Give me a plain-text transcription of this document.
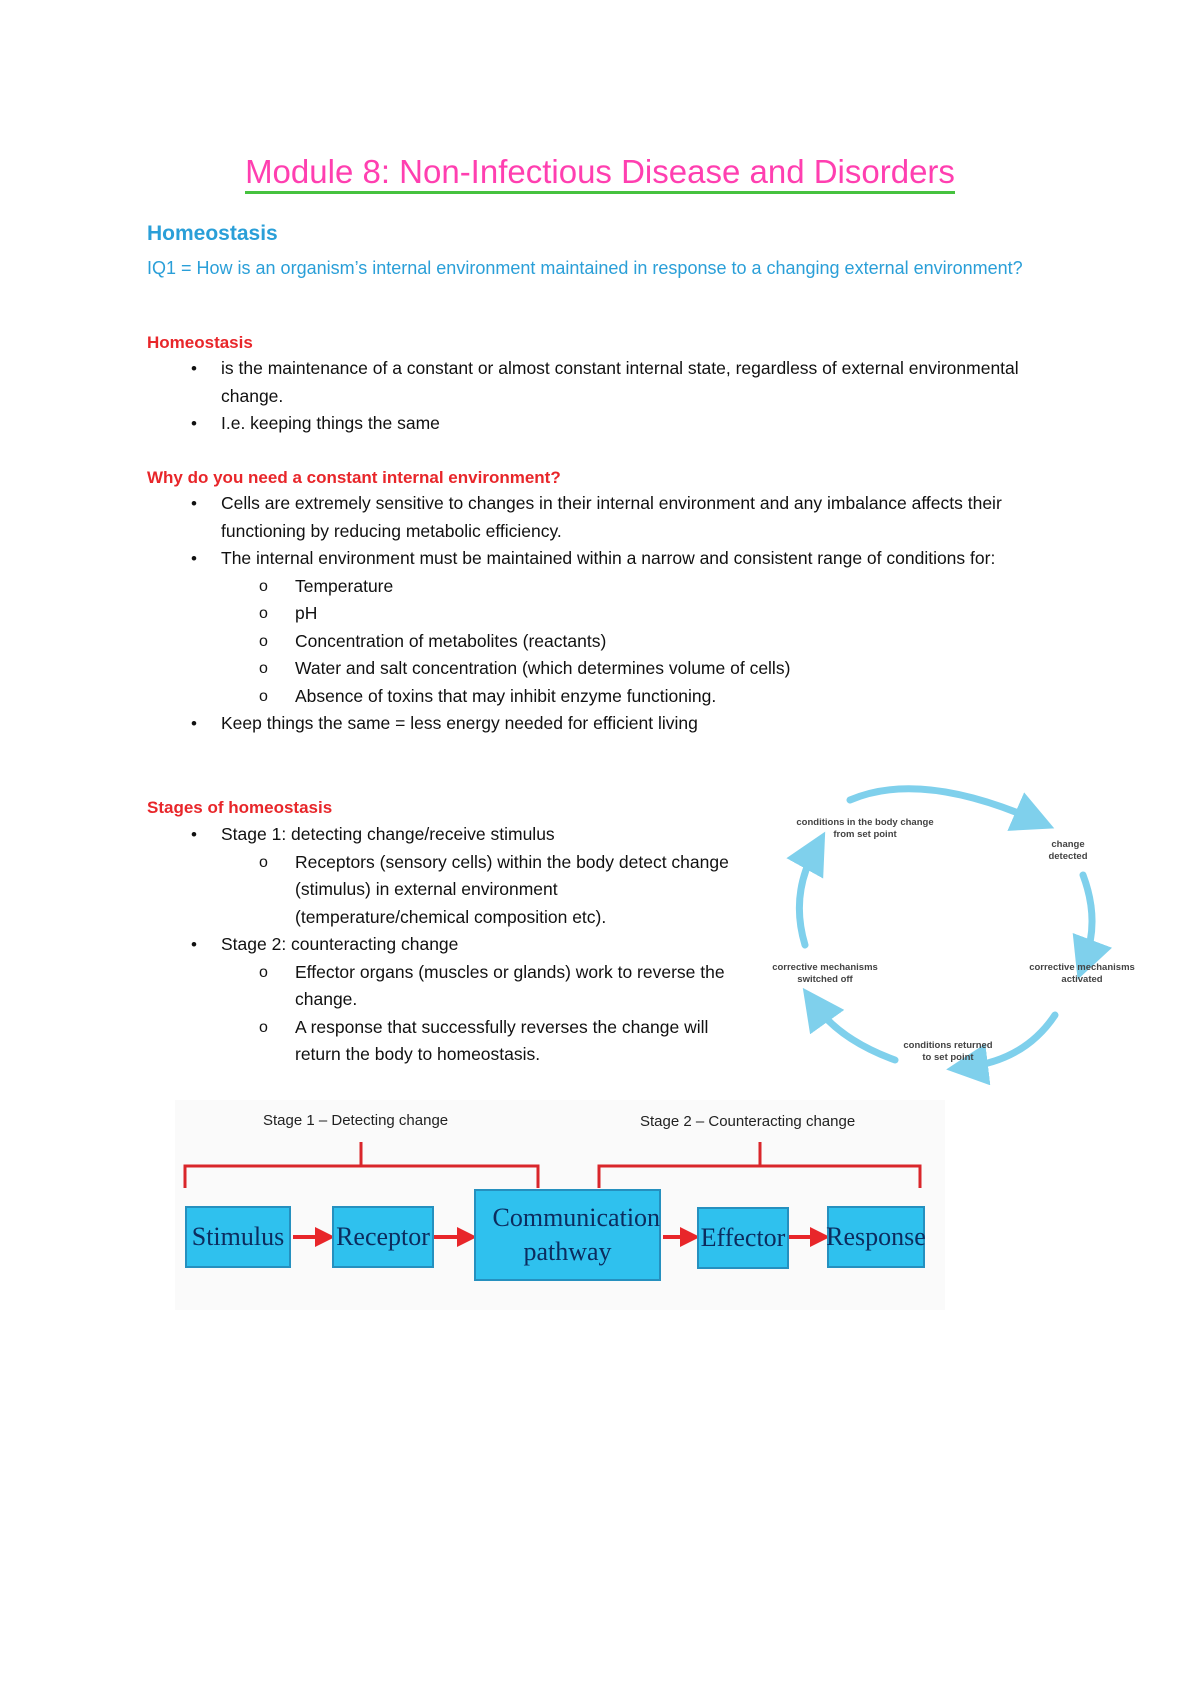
Module 8: Non-Infectious Disease and Disorders
Homeostasis
IQ1 = How is an organism’s internal environment maintained in response to a changing external environment?
Homeostasis
• is the maintenance of a constant or almost constant internal state, regardless of external environmental change.
• I.e. keeping things the same
Why do you need a constant internal environment?
• Cells are extremely sensitive to changes in their internal environment and any imbalance affects their functioning by reducing metabolic efficiency.
• The internal environment must be maintained within a narrow and consistent range of conditions for:
o Temperature
o pH
o Concentration of metabolites (reactants)
o Water and salt concentration (which determines volume of cells)
o Absence of toxins that may inhibit enzyme functioning.
• Keep things the same = less energy needed for efficient living
Stages of homeostasis
• Stage 1: detecting change/receive stimulus
o Receptors (sensory cells) within the body detect change (stimulus) in external environment (temperature/chemical composition etc).
• Stage 2: counteracting change
o Effector organs (muscles or glands) work to reverse the change.
o A response that successfully reverses the change will return the body to homeostasis.
conditions in the body change from set point
change detected
corrective mechanisms activated
conditions returned to set point
corrective mechanisms switched off
Stage 1 – Detecting change	Stage 2 – Counteracting change
Stimulus Receptor
Communication pathway	Effector Response
